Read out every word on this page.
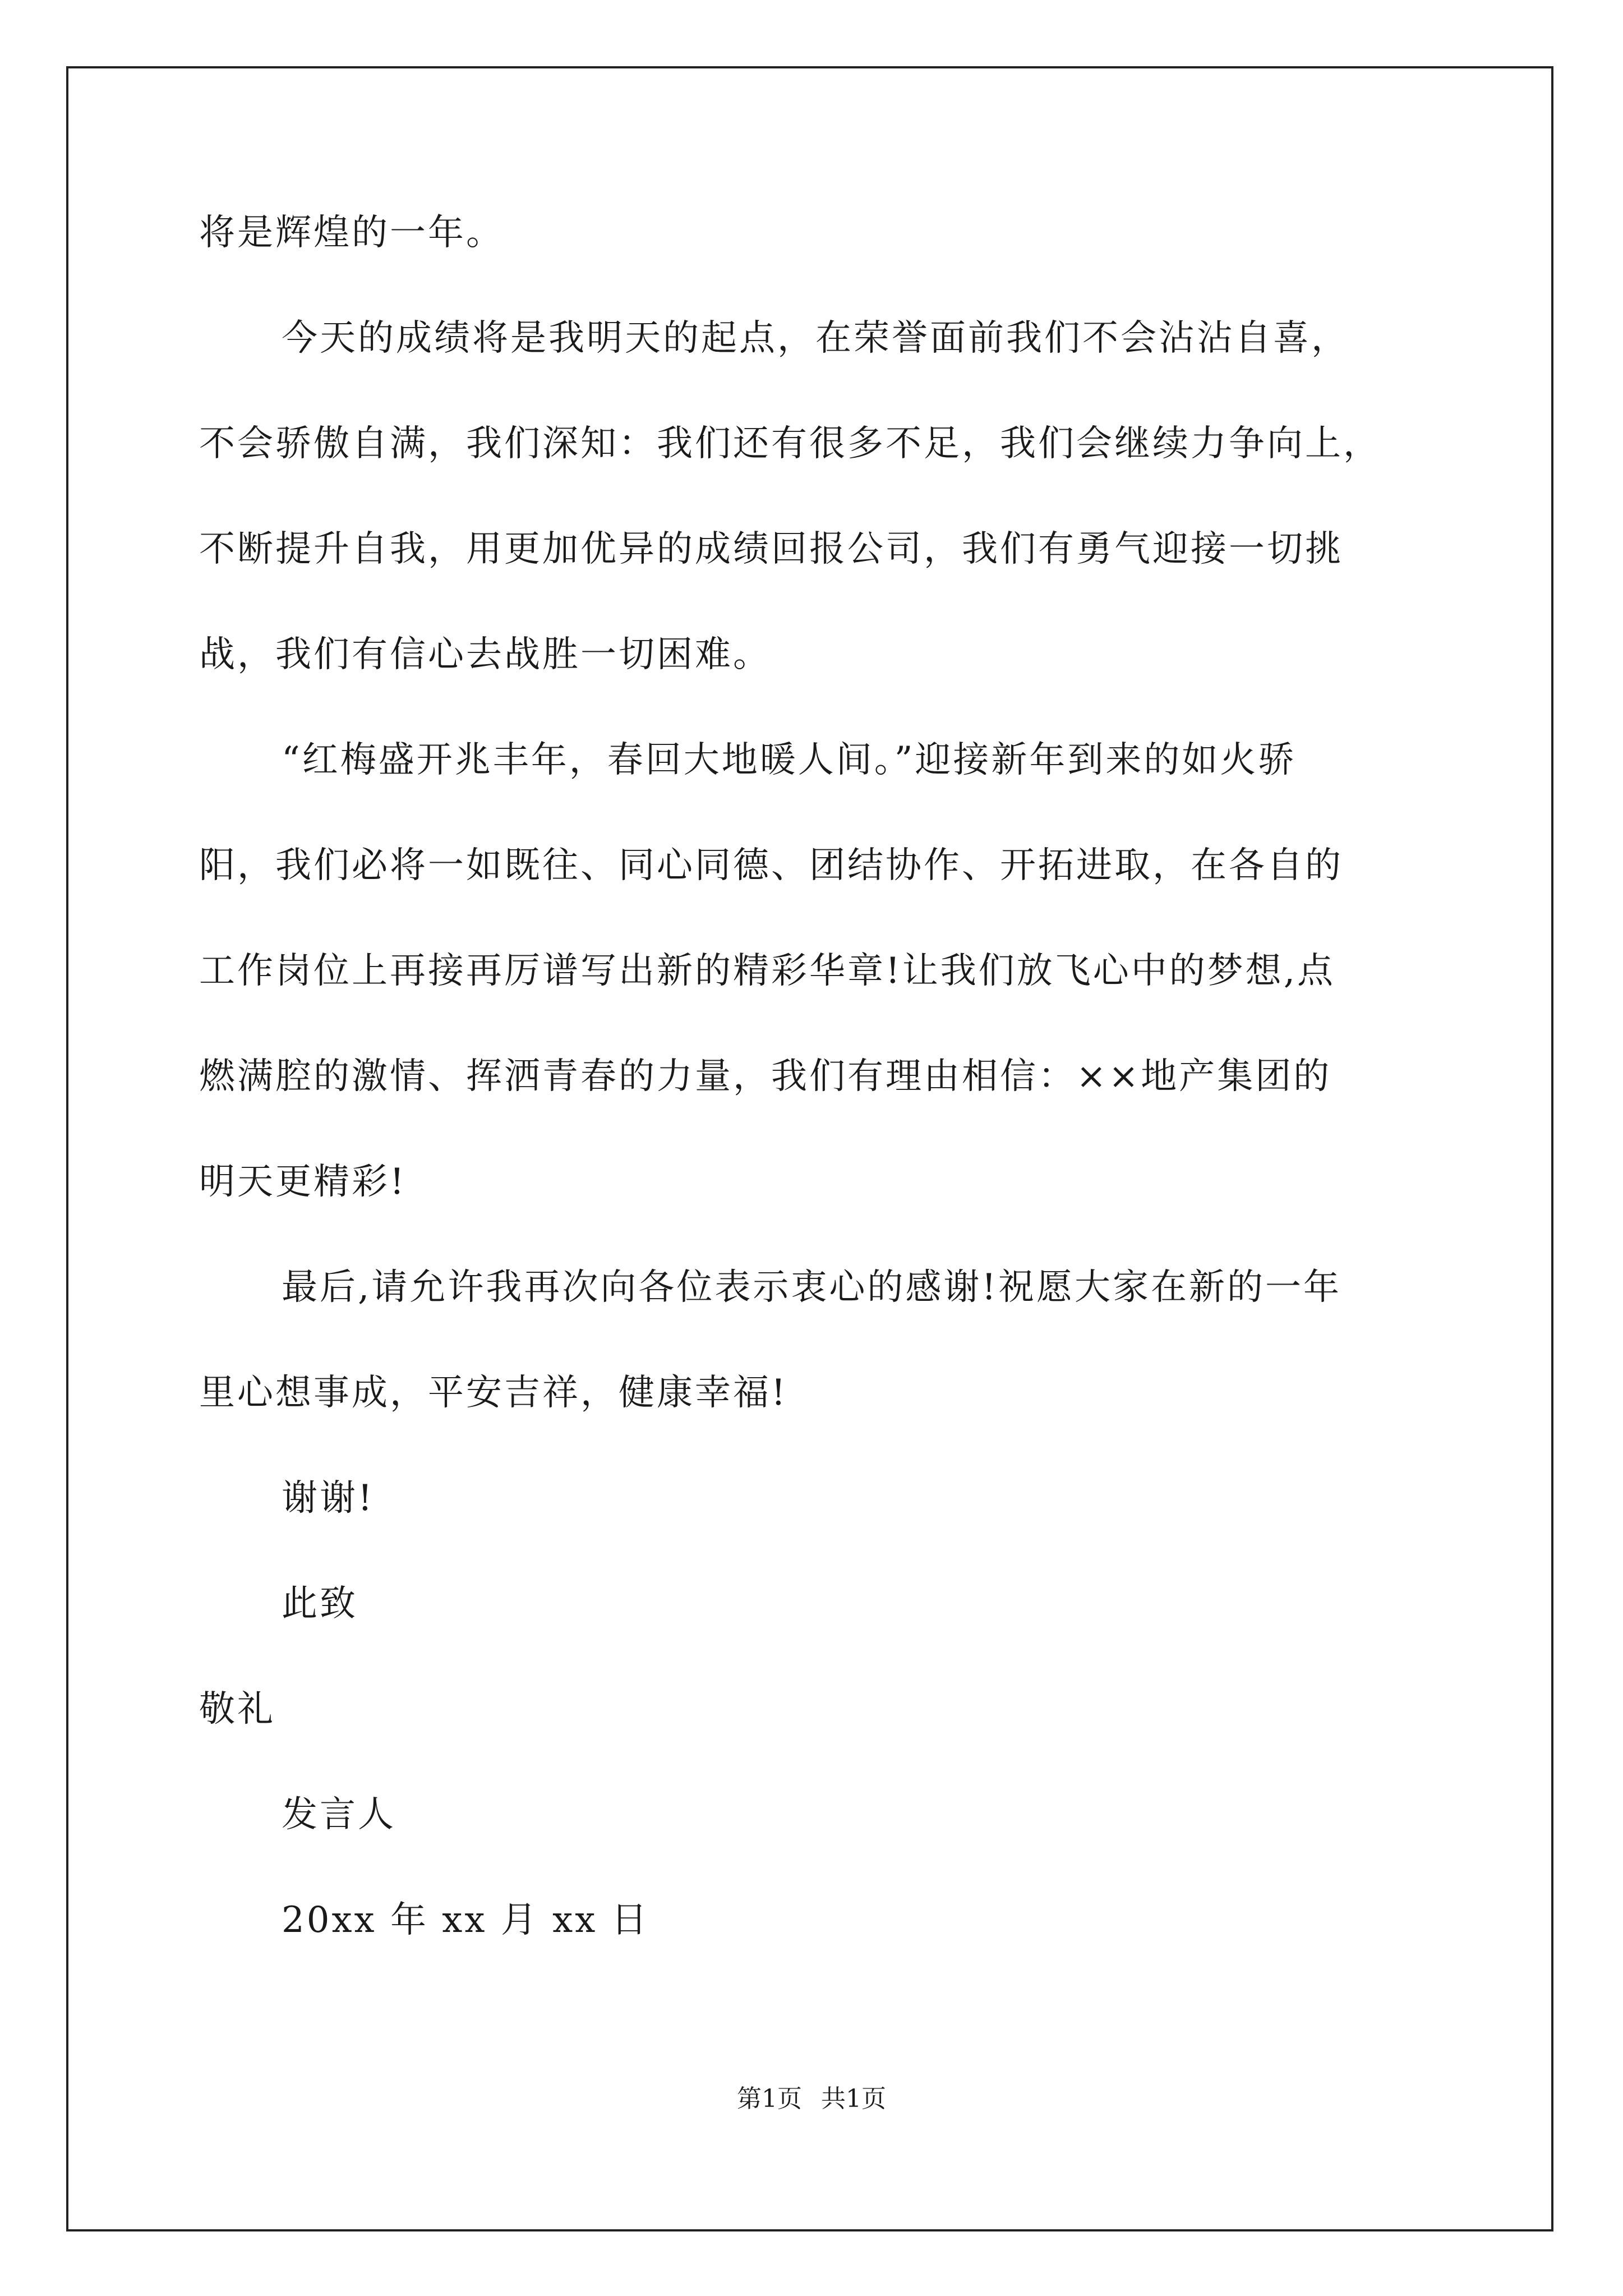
将是辉煌的一年。
今天的成绩将是我明天的起点，在荣誉面前我们不会沾沾自喜，
不会骄傲自满，我们深知：我们还有很多不足，我们会继续力争向上，
不断提升自我，用更加优异的成绩回报公司，我们有勇气迎接一切挑
战，我们有信心去战胜一切困难。
“红梅盛开兆丰年，春回大地暖人间。”迎接新年到来的如火骄
阳，我们必将一如既往、同心同德、团结协作、开拓进取，在各自的
工作岗位上再接再厉谱写出新的精彩华章!让我们放飞心中的梦想,点
燃满腔的激情、挥洒青春的力量，我们有理由相信：××地产集团的
明天更精彩!
最后,请允许我再次向各位表示衷心的感谢!祝愿大家在新的一年
里心想事成，平安吉祥，健康幸福!
谢谢!
此致
敬礼
发言人
20xx 年 xx 月 xx 日
第1页 共1页
